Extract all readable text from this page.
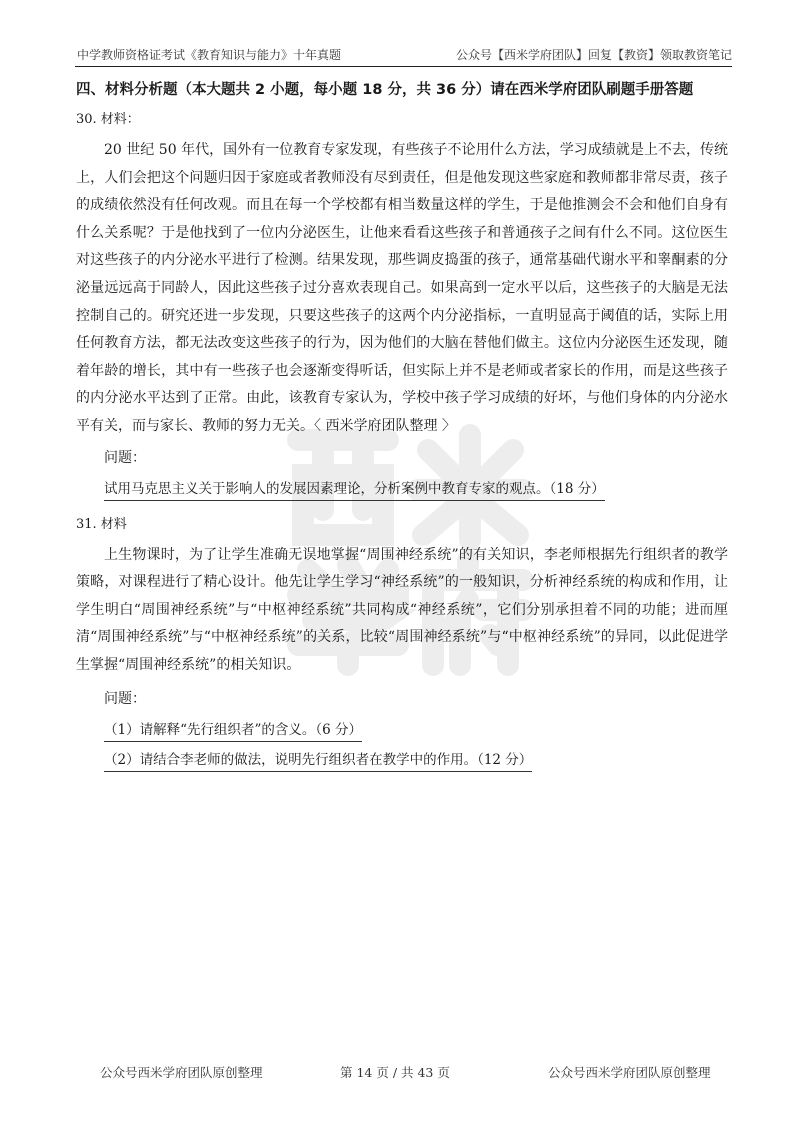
中学教师资格证考试《教育知识与能力》十年真题	公众号【西米学府团队】回复【教资】领取教资笔记
四、材料分析题（本大题共 2 小题，每小题 18 分，共 36 分）请在西米学府团队刷题手册答题
30. 材料：

20 世纪 50 年代，国外有一位教育专家发现，有些孩子不论用什么方法，学习成绩就是上不去，传统上，人们会把这个问题归因于家庭或者教师没有尽到责任，但是他发现这些家庭和教师都非常尽责，孩子的成绩依然没有任何改观。而且在每一个学校都有相当数量这样的学生，于是他推测会不会和他们自身有什么关系呢？于是他找到了一位内分泌医生，让他来看看这些孩子和普通孩子之间有什么不同。这位医生对这些孩子的内分泌水平进行了检测。结果发现，那些调皮捣蛋的孩子，通常基础代谢水平和睾酮素的分泌量远远高于同龄人，因此这些孩子过分喜欢表现自己。如果高到一定水平以后，这些孩子的大脑是无法控制自己的。研究还进一步发现，只要这些孩子的这两个内分泌指标，一直明显高于阈值的话，实际上用任何教育方法，都无法改变这些孩子的行为，因为他们的大脑在替他们做主。这位内分泌医生还发现，随着年龄的增长，其中有一些孩子也会逐渐变得听话，但实际上并不是老师或者家长的作用，而是这些孩子的内分泌水平达到了正常。由此，该教育专家认为，学校中孩子学习成绩的好坏，与他们身体的内分泌水平有关，而与家长、教师的努力无关。〈 西米学府团队整理 〉

问题：

试用马克思主义关于影响人的发展因素理论，分析案例中教育专家的观点。（18 分）
31. 材料

上生物课时，为了让学生准确无误地掌握“周围神经系统”的有关知识，李老师根据先行组织者的教学策略，对课程进行了精心设计。他先让学生学习“神经系统”的一般知识，分析神经系统的构成和作用，让学生明白“周围神经系统”与“中枢神经系统”共同构成“神经系统”，它们分别承担着不同的功能；进而厘清“周围神经系统”与“中枢神经系统”的关系，比较“周围神经系统”与“中枢神经系统”的异同，以此促进学生掌握“周围神经系统”的相关知识。

问题：

（1）请解释“先行组织者”的含义。（6 分）
（2）请结合李老师的做法，说明先行组织者在教学中的作用。（12 分）
公众号西米学府团队原创整理	第 14 页 / 共 43 页	公众号西米学府团队原创整理
